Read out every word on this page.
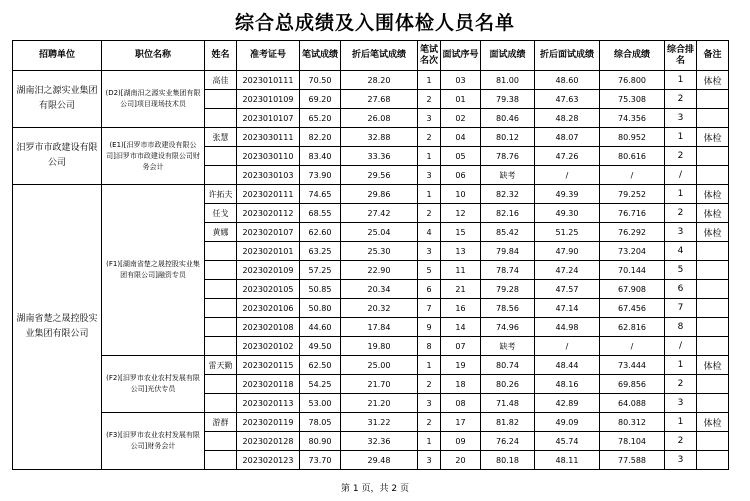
综合总成绩及入围体检人员名单
招聘单位	职位名称	姓名	准考证号	笔试成绩	折后笔试成绩	笔试名次	面试序号	面试成绩	折后面试成绩	综合成绩	综合排名	备注
湖南汨之源实业集团有限公司	(D2)[湖南汨之源实业集团有限公司]项目现场技术员	高佳	2023010111	70.50	28.20	1	03	81.00	48.60	76.800	1	体检
			2023010109	69.20	27.68	2	01	79.38	47.63	75.308	2	
			2023010107	65.20	26.08	3	02	80.46	48.28	74.356	3	
汨罗市市政建设有限公司	(E1)[汨罗市市政建设有限公司]汨罗市市政建设有限公司财务会计	张慧	2023030111	82.20	32.88	2	04	80.12	48.07	80.952	1	体检
			2023030110	83.40	33.36	1	05	78.76	47.26	80.616	2	
			2023030103	73.90	29.56	3	06	缺考	/	/	/	
湖南省楚之晟控股实业集团有限公司	(F1)[湖南省楚之晟控股实业集团有限公司]融资专员	许拓夫	2023020111	74.65	29.86	1	10	82.32	49.39	79.252	1	体检
		任戈	2023020112	68.55	27.42	2	12	82.16	49.30	76.716	2	体检
		黄娜	2023020107	62.60	25.04	4	15	85.42	51.25	76.292	3	体检
			2023020101	63.25	25.30	3	13	79.84	47.90	73.204	4	
			2023020109	57.25	22.90	5	11	78.74	47.24	70.144	5	
			2023020105	50.85	20.34	6	21	79.28	47.57	67.908	6	
			2023020106	50.80	20.32	7	16	78.56	47.14	67.456	7	
			2023020108	44.60	17.84	9	14	74.96	44.98	62.816	8	
			2023020102	49.50	19.80	8	07	缺考	/	/	/	
	(F2)[汨罗市农业农村发展有限公司]光伏专员	雷天勤	2023020115	62.50	25.00	1	19	80.74	48.44	73.444	1	体检
			2023020118	54.25	21.70	2	18	80.26	48.16	69.856	2	
			2023020113	53.00	21.20	3	08	71.48	42.89	64.088	3	
	(F3)[汨罗市农业农村发展有限公司]财务会计	游群	2023020119	78.05	31.22	2	17	81.82	49.09	80.312	1	体检
			2023020128	80.90	32.36	1	09	76.24	45.74	78.104	2	
			2023020123	73.70	29.48	3	20	80.18	48.11	77.588	3	
第 1 页，共 2 页
